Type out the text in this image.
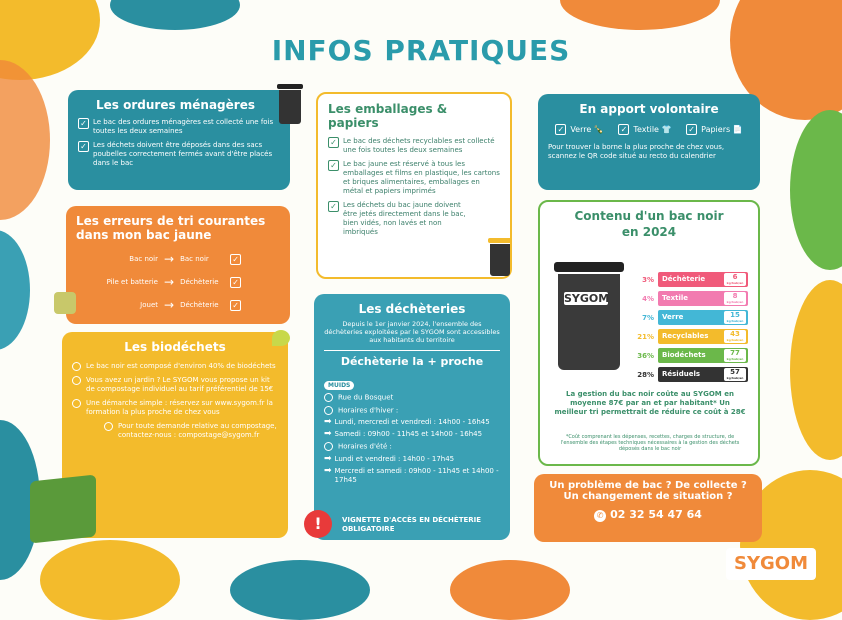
INFOS PRATIQUES
Les ordures ménagères
✓ Le bac des ordures ménagères est collecté une fois toutes les deux semaines
✓ Les déchets doivent être déposés dans des sacs poubelles correctement fermés avant d'être placés dans le bac
Les emballages & papiers
✓ Le bac des déchets recyclables est collecté une fois toutes les deux semaines
✓ Le bac jaune est réservé à tous les emballages et films en plastique, les cartons et briques alimentaires, emballages en métal et papiers imprimés
✓ Les déchets du bac jaune doivent être jetés directement dans le bac, bien vidés, non lavés et non imbriqués
En apport volontaire
✓ Verre 🍾 ✓ Textile 👕 ✓ Papiers 📄
Pour trouver la borne la plus proche de chez vous, scannez le QR code situé au recto du calendrier
Les erreurs de tri courantes
dans mon bac jaune
Bac noir → Bac noir	✓
Pile et batterie → Déchèterie	✓
Jouet → Déchèterie	✓
Contenu d'un bac noir
en 2024
SYGOM
3%	Déchèterie	6
kg/hab/an
4%	Textile	8
kg/hab/an
7%	Verre	15
kg/hab/an
21%	Recyclables	43
kg/hab/an
36%	Biodéchets	77
kg/hab/an
28%	Résiduels	57
kg/hab/an
La gestion du bac noir coûte au SYGOM en moyenne 87€ par an et par habitant* Un meilleur tri permettrait de réduire ce coût à 28€
*Coût comprenant les dépenses, recettes, charges de structure, de l'ensemble des étapes techniques nécessaires à la gestion des déchets déposés dans le bac noir
Les déchèteries
Depuis le 1er janvier 2024, l'ensemble des déchèteries exploitées par le SYGOM sont accessibles aux habitants du territoire
Déchèterie la + proche
MUIDS
Rue du Bosquet
Horaires d'hiver :
➡ Lundi, mercredi et vendredi : 14h00 - 16h45
➡ Samedi : 09h00 - 11h45 et 14h00 - 16h45
Horaires d'été :
➡ Lundi et vendredi : 14h00 - 17h45
➡ Mercredi et samedi : 09h00 - 11h45 et 14h00 - 17h45
!	VIGNETTE D'ACCÈS EN DÉCHÈTERIE OBLIGATOIRE
Les biodéchets
Le bac noir est composé d'environ 40% de biodéchets
Vous avez un jardin ? Le SYGOM vous propose un kit de compostage individuel au tarif préférentiel de 15€
Une démarche simple : réservez sur www.sygom.fr la formation la plus proche de chez vous
Pour toute demande relative au compostage, contactez-nous : compostage@sygom.fr
Un problème de bac ? De collecte ?
Un changement de situation ?
✆ 02 32 54 47 64
SYGOM
